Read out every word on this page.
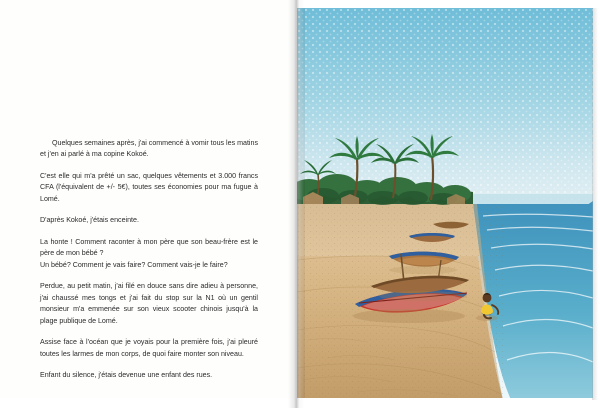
Quelques semaines après, j'ai commencé à vomir tous les matins et j'en ai parlé à ma copine Kokoé.

C'est elle qui m'a prêté un sac, quelques vêtements et 3.000 francs CFA (l'équivalent de +/- 5€), toutes ses économies pour ma fugue à Lomé.

D'après Kokoé, j'étais enceinte.

La honte ! Comment raconter à mon père que son beau-frère est le père de mon bébé ?

Un bébé? Comment je vais faire? Comment vais-je le faire?

Perdue, au petit matin, j'ai filé en douce sans dire adieu à personne, j'ai chaussé mes tongs et j'ai fait du stop sur la N1 où un gentil monsieur m'a emmenée sur son vieux scooter chinois jusqu'à la plage publique de Lomé.

Assise face à l'océan que je voyais pour la première fois, j'ai pleuré toutes les larmes de mon corps, de quoi faire monter son niveau.

Enfant du silence, j'étais devenue une enfant des rues.
